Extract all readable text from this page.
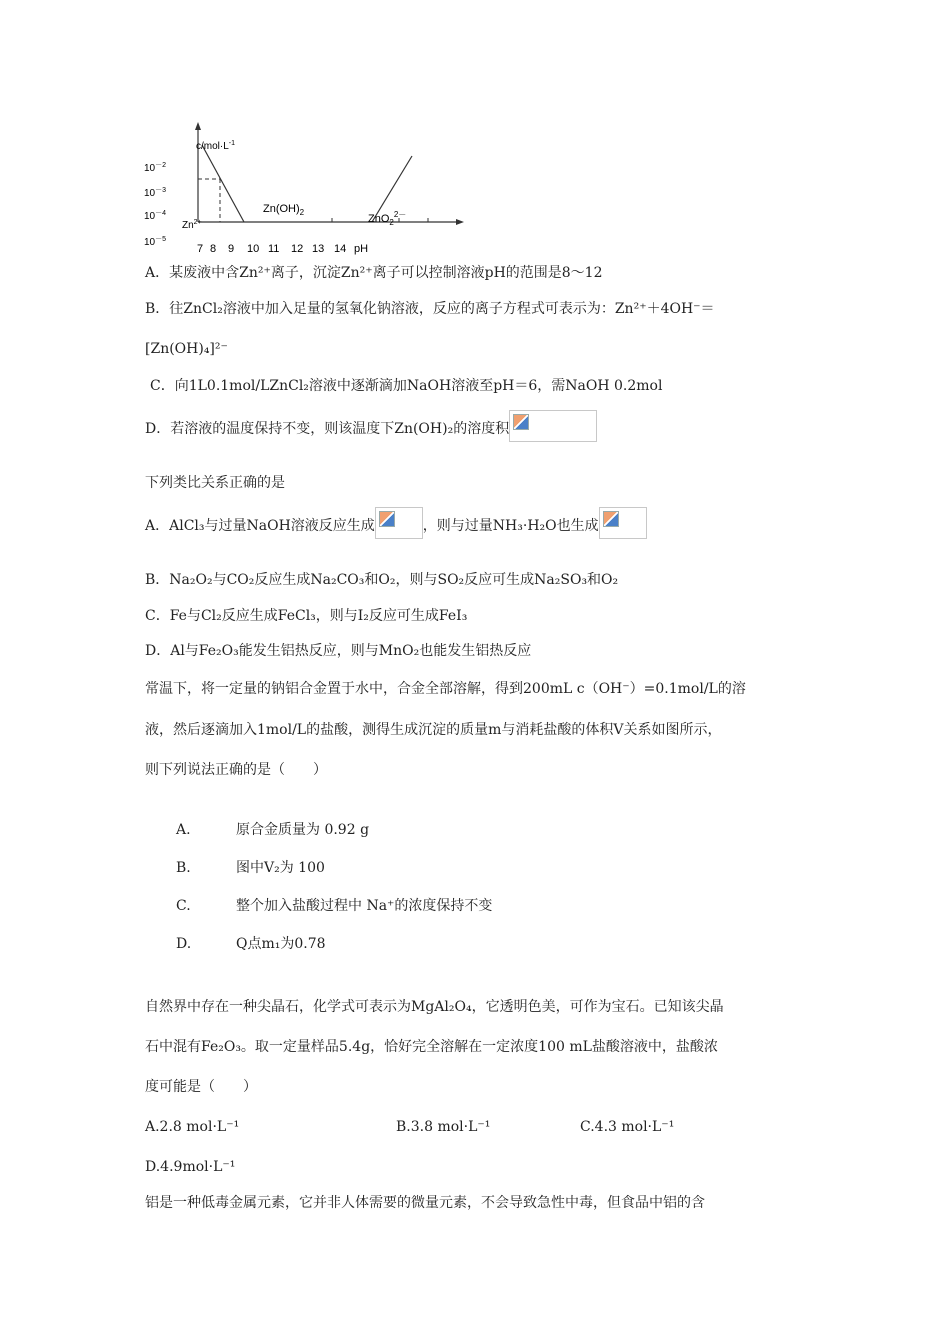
$c/mol\cdot L^{-1}$
$10^{-2}$
$10^{-3}$
$10^{-4}$
$10^{-5}$
$Zn^{2+}$
$Zn(OH)_2$
ZnO$_2^{2-}$
7 8 9 10 11 12 13 14 pH
A．某废液中含Zn²⁺离子，沉淀Zn²⁺离子可以控制溶液pH的范围是8～12
B．往ZnCl₂溶液中加入足量的氢氧化钠溶液，反应的离子方程式可表示为：Zn²⁺＋4OH⁻＝
[Zn(OH)₄]²⁻
C．向1L0.1mol/LZnCl₂溶液中逐渐滴加NaOH溶液至pH＝6，需NaOH 0.2mol
D．若溶液的温度保持不变，则该温度下Zn(OH)₂的溶度积
下列类比关系正确的是
A．AlCl₃与过量NaOH溶液反应生成	，则与过量NH₃·H₂O也生成
B．Na₂O₂与CO₂反应生成Na₂CO₃和O₂，则与SO₂反应可生成Na₂SO₃和O₂
C．Fe与Cl₂反应生成FeCl₃，则与I₂反应可生成FeI₃
D．Al与Fe₂O₃能发生铝热反应，则与MnO₂也能发生铝热反应
常温下，将一定量的钠铝合金置于水中，合金全部溶解，得到200mL c（OH⁻）=0.1mol/L的溶
液，然后逐滴加入1mol/L的盐酸，测得生成沉淀的质量m与消耗盐酸的体积V关系如图所示，
则下列说法正确的是（　　）
A.	原合金质量为 0.92 g
B.	图中V₂为 100
C.	整个加入盐酸过程中 Na⁺的浓度保持不变
D.	Q点m₁为0.78
自然界中存在一种尖晶石，化学式可表示为MgAl₂O₄，它透明色美，可作为宝石。已知该尖晶
石中混有Fe₂O₃。取一定量样品5.4g，恰好完全溶解在一定浓度100 mL盐酸溶液中，盐酸浓
度可能是（　　）
A.2.8 mol·L⁻¹	B.3.8 mol·L⁻¹	C.4.3 mol·L⁻¹
D.4.9mol·L⁻¹
铝是一种低毒金属元素，它并非人体需要的微量元素，不会导致急性中毒，但食品中铝的含
